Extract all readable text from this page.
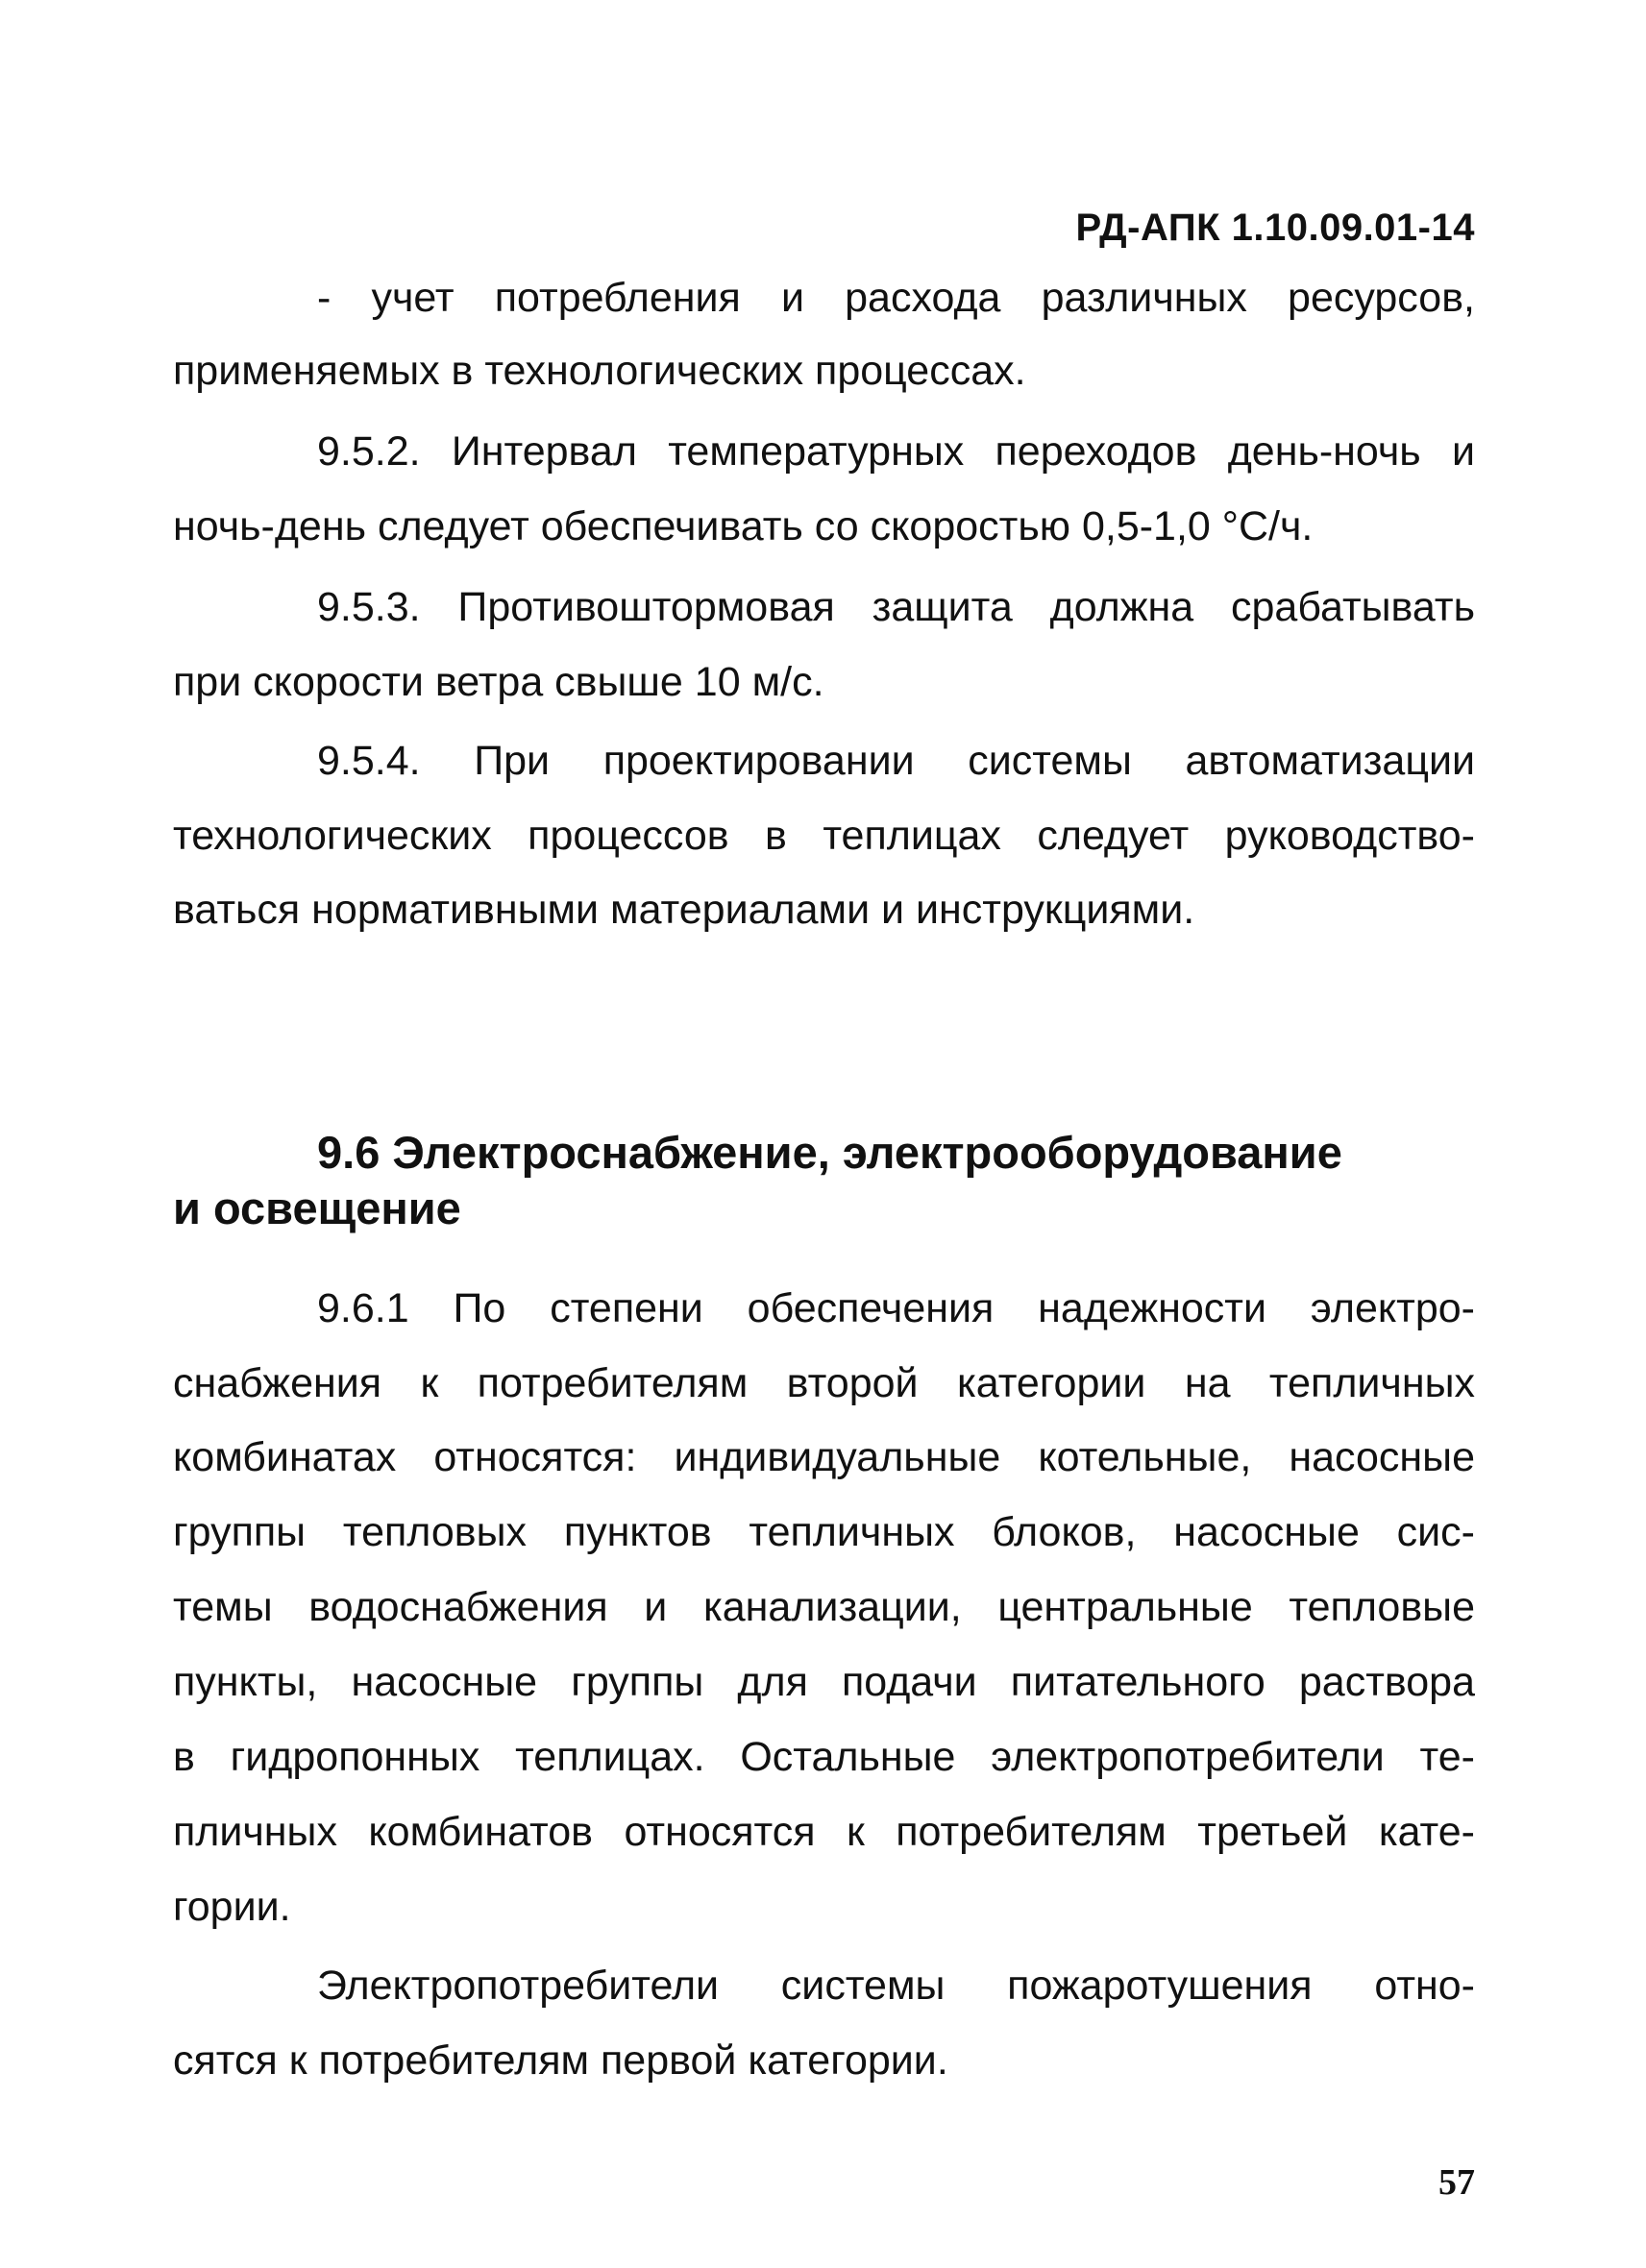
РД-АПК 1.10.09.01-14
- учет потребления и расхода различных ресурсов,
применяемых в технологических процессах.
9.5.2. Интервал температурных переходов день-ночь и
ночь-день следует обеспечивать со скоростью 0,5-1,0 °С/ч.
9.5.3. Противоштормовая защита должна срабатывать
при скорости ветра свыше 10 м/с.
9.5.4. При проектировании системы автоматизации
технологических процессов в теплицах следует руководство-
ваться нормативными материалами и инструкциями.
9.6 Электроснабжение, электрооборудование
и освещение
9.6.1 По степени обеспечения надежности электро-
снабжения к потребителям второй категории на тепличных
комбинатах относятся: индивидуальные котельные, насосные
группы тепловых пунктов тепличных блоков, насосные сис-
темы водоснабжения и канализации, центральные тепловые
пункты, насосные группы для подачи питательного раствора
в гидропонных теплицах. Остальные электропотребители те-
пличных комбинатов относятся к потребителям третьей кате-
гории.
Электропотребители системы пожаротушения отно-
сятся к потребителям первой категории.
57
